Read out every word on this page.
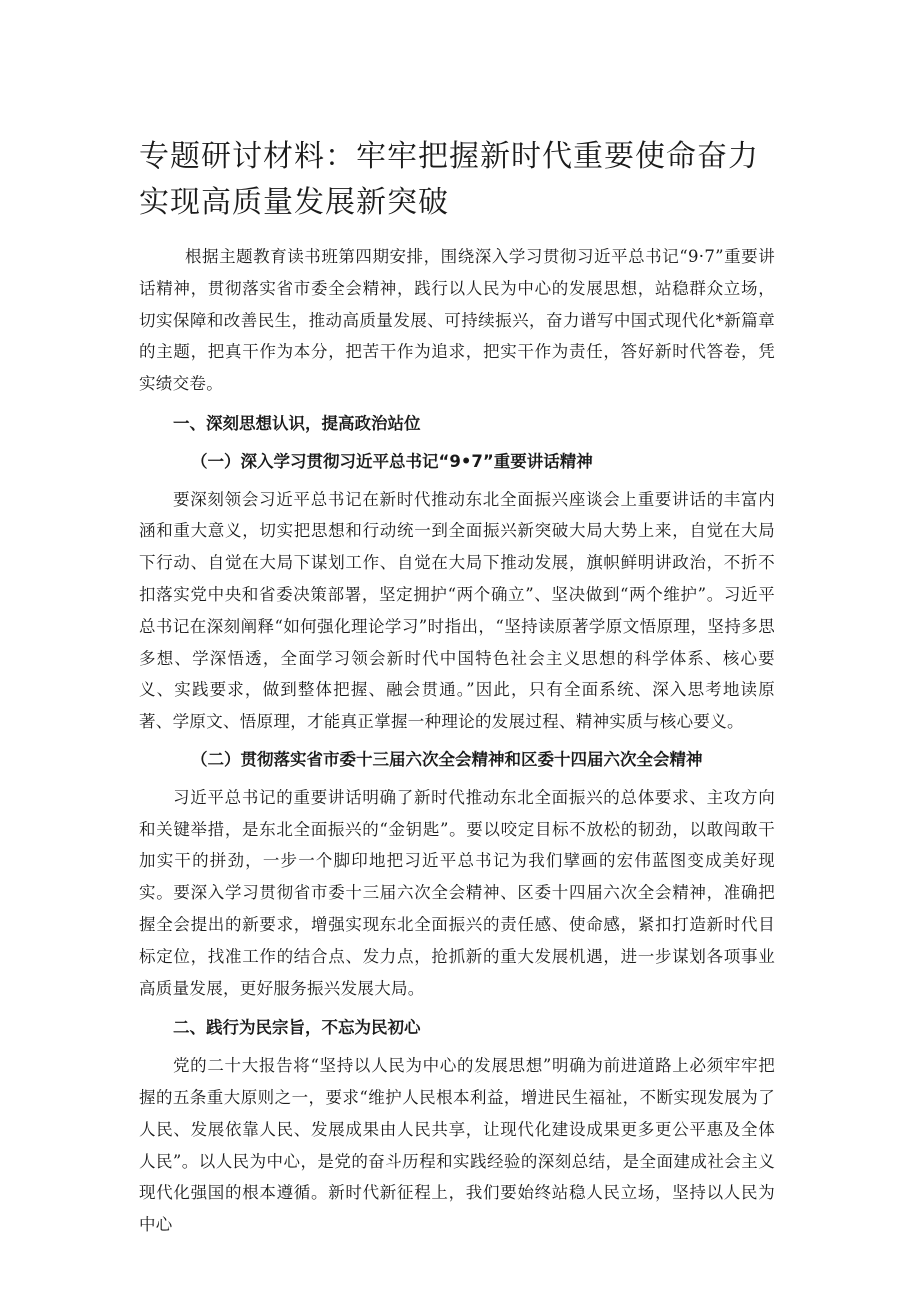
专题研讨材料：牢牢把握新时代重要使命奋力实现高质量发展新突破

根据主题教育读书班第四期安排，围绕深入学习贯彻习近平总书记“9·7”重要讲话精神，贯彻落实省市委全会精神，践行以人民为中心的发展思想，站稳群众立场，切实保障和改善民生，推动高质量发展、可持续振兴，奋力谱写中国式现代化*新篇章的主题，把真干作为本分，把苦干作为追求，把实干作为责任，答好新时代答卷，凭实绩交卷。

一、深刻思想认识，提高政治站位
（一）深入学习贯彻习近平总书记“9•7”重要讲话精神

要深刻领会习近平总书记在新时代推动东北全面振兴座谈会上重要讲话的丰富内涵和重大意义，切实把思想和行动统一到全面振兴新突破大局大势上来，自觉在大局下行动、自觉在大局下谋划工作、自觉在大局下推动发展，旗帜鲜明讲政治，不折不扣落实党中央和省委决策部署，坚定拥护“两个确立”、坚决做到“两个维护”。习近平总书记在深刻阐释“如何强化理论学习”时指出，“坚持读原著学原文悟原理，坚持多思多想、学深悟透，全面学习领会新时代中国特色社会主义思想的科学体系、核心要义、实践要求，做到整体把握、融会贯通。”因此，只有全面系统、深入思考地读原著、学原文、悟原理，才能真正掌握一种理论的发展过程、精神实质与核心要义。

（二）贯彻落实省市委十三届六次全会精神和区委十四届六次全会精神

习近平总书记的重要讲话明确了新时代推动东北全面振兴的总体要求、主攻方向和关键举措，是东北全面振兴的“金钥匙”。要以咬定目标不放松的韧劲，以敢闯敢干加实干的拼劲，一步一个脚印地把习近平总书记为我们擘画的宏伟蓝图变成美好现实。要深入学习贯彻省市委十三届六次全会精神、区委十四届六次全会精神，准确把握全会提出的新要求，增强实现东北全面振兴的责任感、使命感，紧扣打造新时代目标定位，找准工作的结合点、发力点，抢抓新的重大发展机遇，进一步谋划各项事业高质量发展，更好服务振兴发展大局。

二、践行为民宗旨，不忘为民初心

党的二十大报告将“坚持以人民为中心的发展思想”明确为前进道路上必须牢牢把握的五条重大原则之一，要求“维护人民根本利益，增进民生福祉，不断实现发展为了人民、发展依靠人民、发展成果由人民共享，让现代化建设成果更多更公平惠及全体人民”。以人民为中心，是党的奋斗历程和实践经验的深刻总结，是全面建成社会主义现代化强国的根本遵循。新时代新征程上，我们要始终站稳人民立场，坚持以人民为中心
